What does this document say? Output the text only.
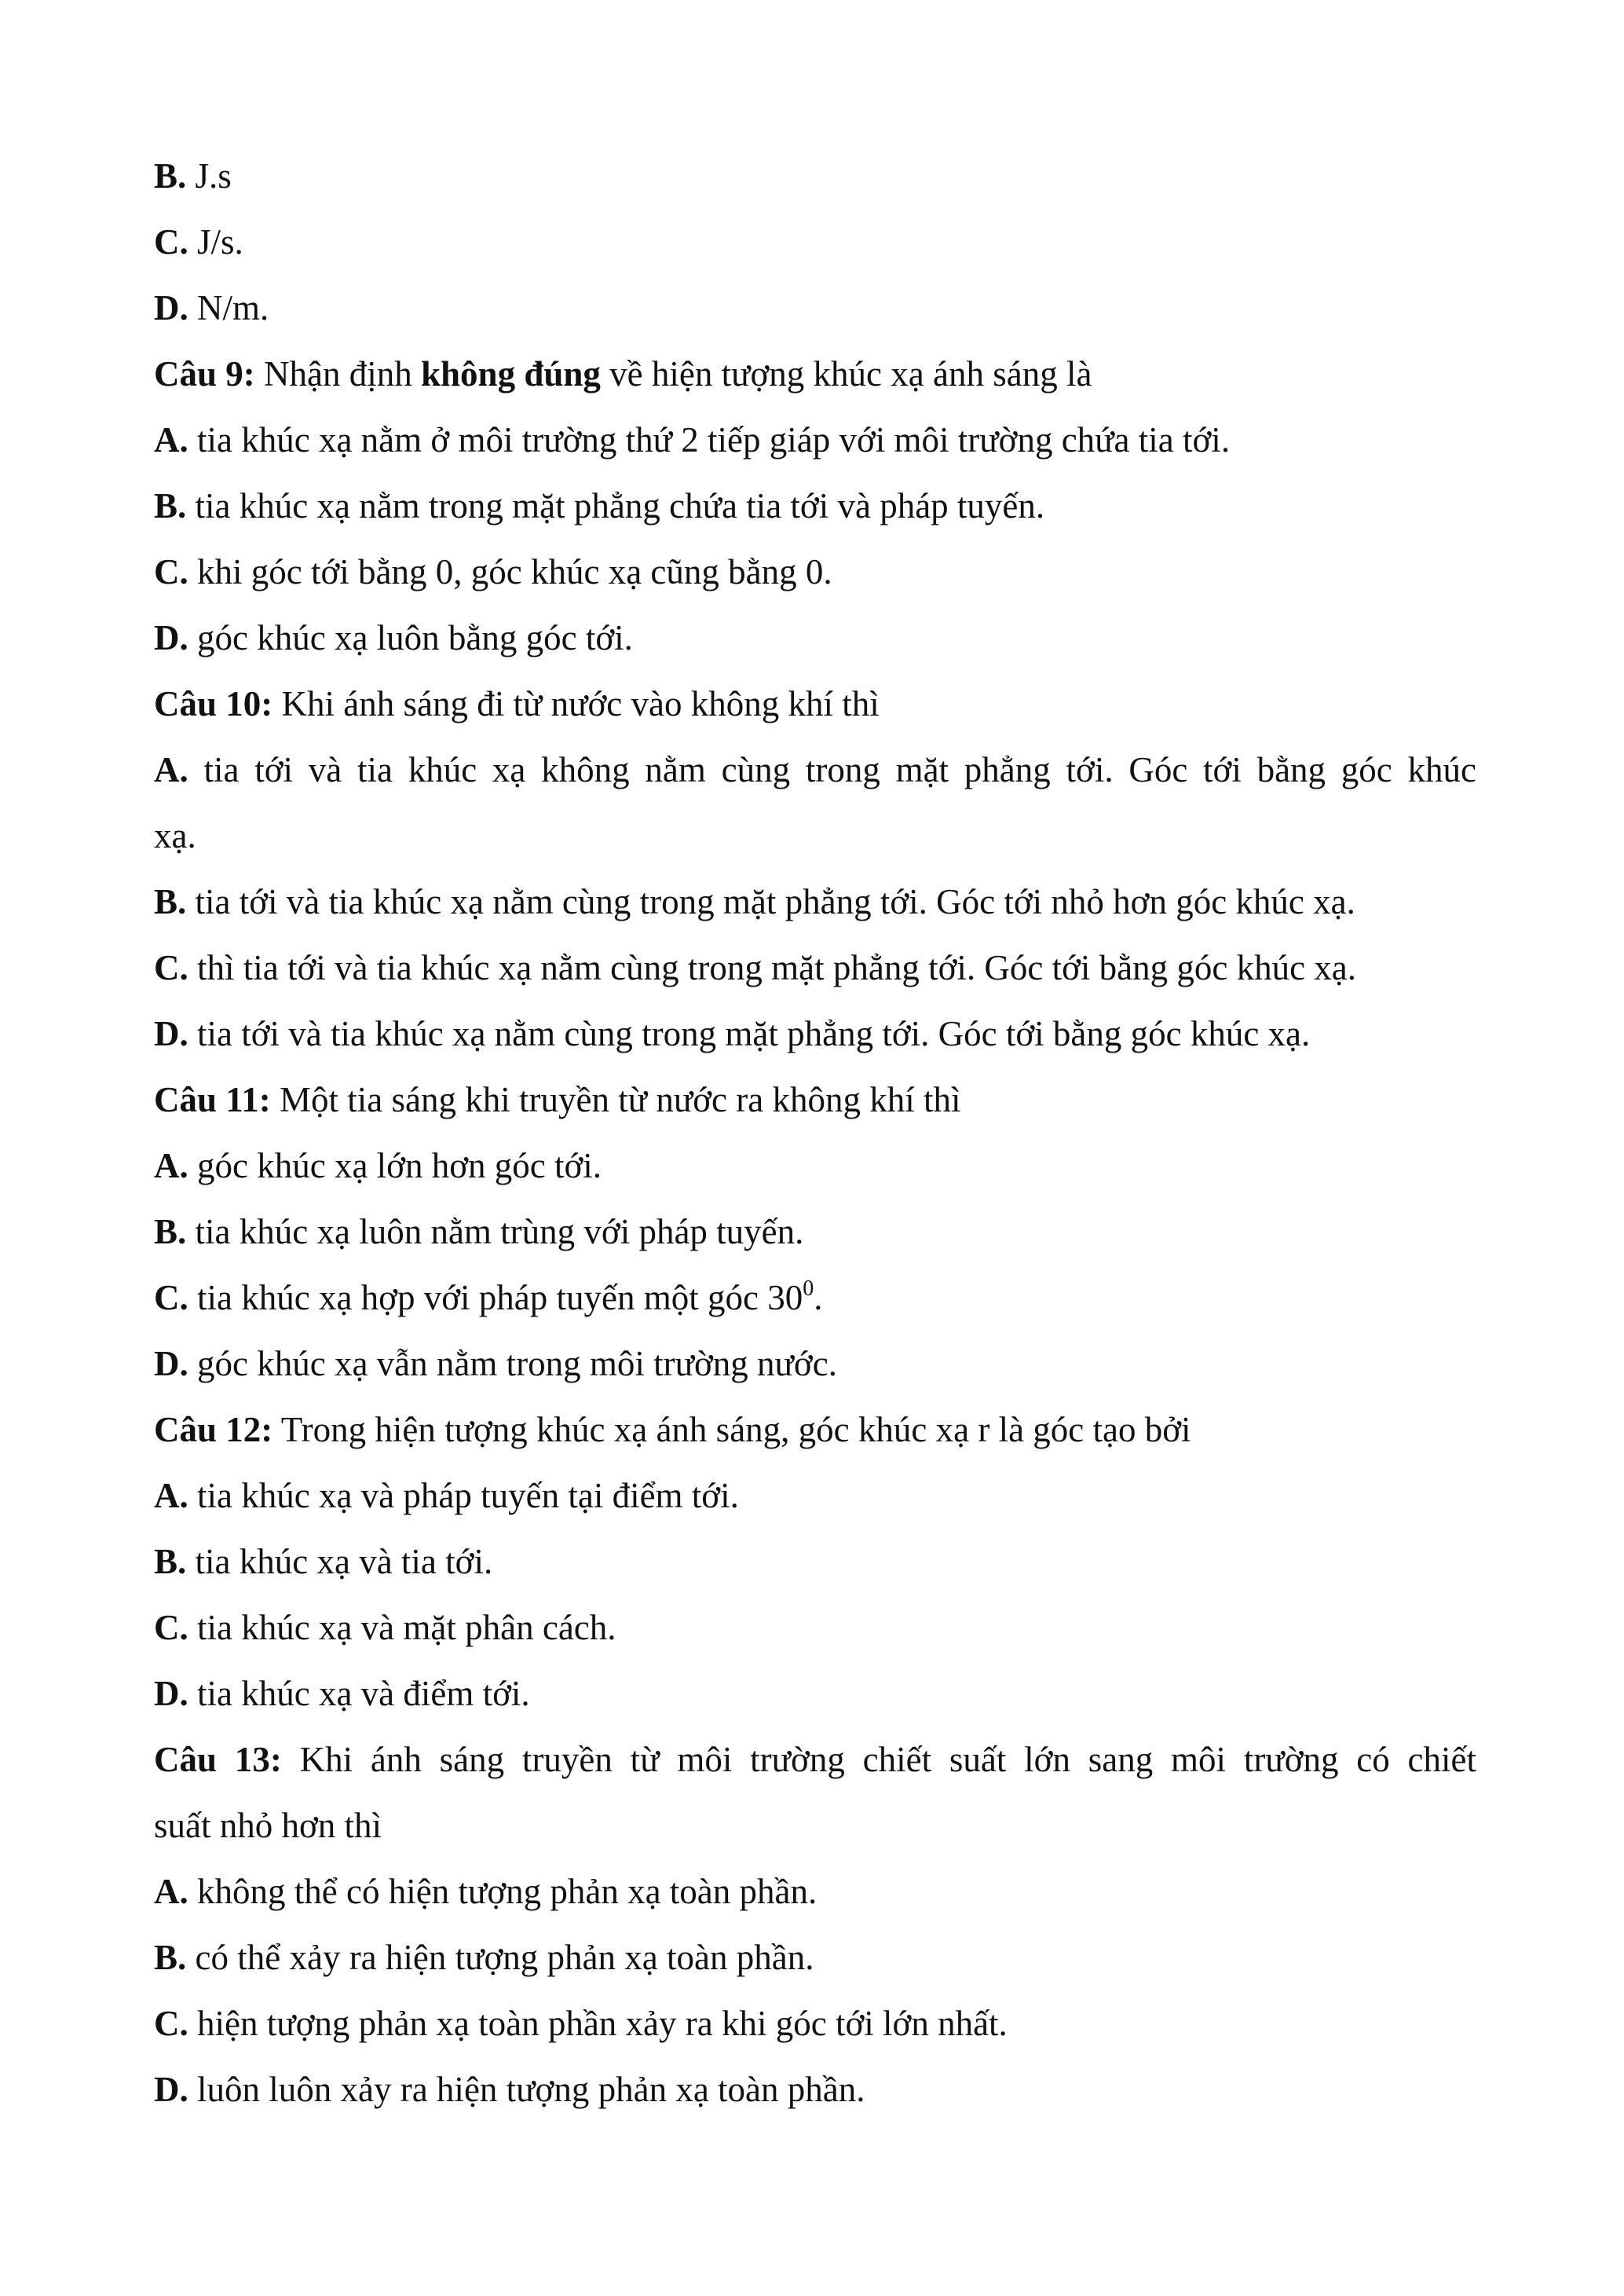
B. J.s
C. J/s.
D. N/m.
Câu 9: Nhận định không đúng về hiện tượng khúc xạ ánh sáng là
A. tia khúc xạ nằm ở môi trường thứ 2 tiếp giáp với môi trường chứa tia tới.
B. tia khúc xạ nằm trong mặt phẳng chứa tia tới và pháp tuyến.
C. khi góc tới bằng 0, góc khúc xạ cũng bằng 0.
D. góc khúc xạ luôn bằng góc tới.
Câu 10: Khi ánh sáng đi từ nước vào không khí thì
A. tia tới và tia khúc xạ không nằm cùng trong mặt phẳng tới. Góc tới bằng góc khúc
xạ.
B. tia tới và tia khúc xạ nằm cùng trong mặt phẳng tới. Góc tới nhỏ hơn góc khúc xạ.
C. thì tia tới và tia khúc xạ nằm cùng trong mặt phẳng tới. Góc tới bằng góc khúc xạ.
D. tia tới và tia khúc xạ nằm cùng trong mặt phẳng tới. Góc tới bằng góc khúc xạ.
Câu 11: Một tia sáng khi truyền từ nước ra không khí thì
A. góc khúc xạ lớn hơn góc tới.
B. tia khúc xạ luôn nằm trùng với pháp tuyến.
C. tia khúc xạ hợp với pháp tuyến một góc $30^0$.
D. góc khúc xạ vẫn nằm trong môi trường nước.
Câu 12: Trong hiện tượng khúc xạ ánh sáng, góc khúc xạ r là góc tạo bởi
A. tia khúc xạ và pháp tuyến tại điểm tới.
B. tia khúc xạ và tia tới.
C. tia khúc xạ và mặt phân cách.
D. tia khúc xạ và điểm tới.
Câu 13: Khi ánh sáng truyền từ môi trường chiết suất lớn sang môi trường có chiết
suất nhỏ hơn thì
A. không thể có hiện tượng phản xạ toàn phần.
B. có thể xảy ra hiện tượng phản xạ toàn phần.
C. hiện tượng phản xạ toàn phần xảy ra khi góc tới lớn nhất.
D. luôn luôn xảy ra hiện tượng phản xạ toàn phần.
